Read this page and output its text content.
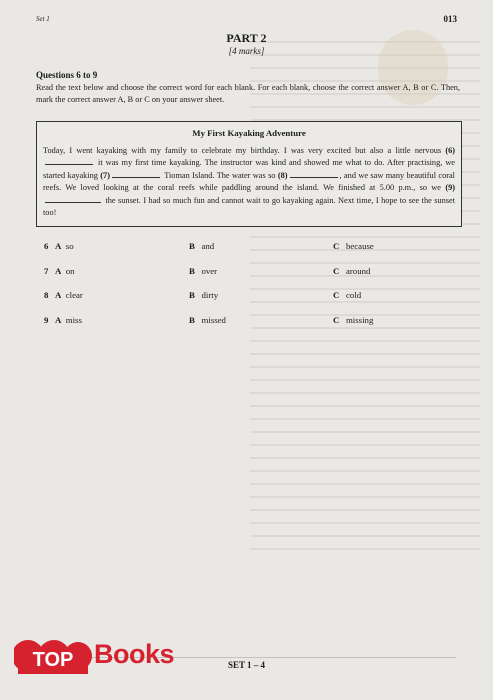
Set 1	013
PART 2
[4 marks]
Questions 6 to 9
Read the text below and choose the correct word for each blank. For each blank, choose the correct answer A, B or C. Then, mark the correct answer A, B or C on your answer sheet.
My First Kayaking Adventure
Today, I went kayaking with my family to celebrate my birthday. I was very excited but also a little nervous (6) it was my first time kayaking. The instructor was kind and showed me what to do. After practising, we started kayaking (7)	Tioman Island. The water was so (8)	, and we saw many beautiful coral reefs. We loved looking at the coral reefs while paddling around the island. We finished at 5.00 p.m., so we (9) the sunset. I had so much fun and cannot wait to go kayaking again. Next time, I hope to see the sunset too!
6 A so	B and	C because
7 A on	B over	C around
8 A clear	B dirty	C cold
9 A miss	B missed	C missing
SET 1 – 4
TOP Books
